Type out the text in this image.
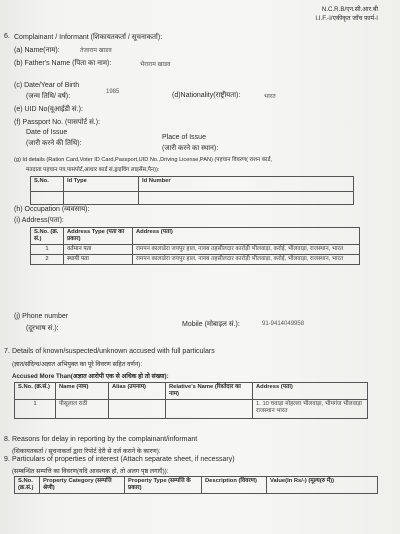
N.C.R.B/एन.सी.आर.बी
I.I.F.-I/एकीकृत जाँच फ़ार्म-I
6. Complainant / Informant (शिकायतकर्ता / सूचनाकर्ता):
(a) Name(नाम):	तेजाराम खाडव
(b) Father's Name (पिता का नाम):	भैराराम खाडव
(c) Date/Year of Birth
(जन्म तिथि/ वर्ष):
1985	(d)Nationality(राष्ट्रीयता):	भारत
(e) UID No(यूआईडी सं.):
(f) Passport No. (पासपोर्ट सं.):
Date of Issue
(जारी करने की तिथि):
Place of Issue
(जारी करने का स्थान):
(g) Id details (Ration Card,Voter ID Card,Passport,UID No.,Driving License,PAN) (पहचान विवरण( राशन कार्ड,
मतदाता पहचान पत्र,पासपोर्ट,आधार कार्ड सं.ड्राइविंग लाइसेंस,पैन)):
S.No.	Id Type	Id Number

(h) Occupation (व्यवसाय):
(i) Address(पता):
S.No. (क्र. सं.)	Address Type (पता का प्रकार)	Address (पता)
1	वर्तमान पता	रामपन कालाडेरा जयपुर हाल, नायब तहसीलदार कारोड़ी भीलवाड़ा, करोई, भीलवाड़ा, राजस्थान, भारत
2	स्थायी पता	रामपन कालाडेरा जयपुर हाल, नायब तहसीलदार कारोड़ी भीलवाड़ा, करोई, भीलवाड़ा, राजस्थान, भारत
(j) Phone number
(दूरभाष सं.):
Mobile (मोबाइल सं.):	91-9414049958
7. Details of known/suspected/unknown accused with full particulars
(ज्ञात/संदिग्ध/अज्ञात अभियुक्त का पूरे विवरण सहित वर्णन):
Accused More Than(अज्ञात आरोपी एक से अधिक हो तो संख्या):
S.No. (क्र.सं.)	Name (नाम)	Alias (उपनाम)	Relative's Name (रिश्तेदार का नाम)	Address (पता)
1	पीसूलाल राठी			1. 10 चवाड़ा मोहल्ला भीलवाड़ा, भीमगंज भीलवाड़ा राजस्थान भारत
8. Reasons for delay in reporting by the complainant/informant
(शिकायतकर्ता / सूचनाकर्ता द्वारा रिपोर्ट देरी से दर्ज कराने के कारण):
9. Particulars of properties of interest (Attach separate sheet, if necessary)
(सम्बन्धित सम्पत्ति का विवरण(यदि आवश्यक हो, तो अलग पृष्ठ लगाएँ)):
S.No. (क्र.सं.)	Property Category (सम्पत्ति श्रेणी)	Property Type (सम्पत्ति के प्रकार)	Description (विवरण)	Value(In Rs/-) (मूल्य(रु में))
